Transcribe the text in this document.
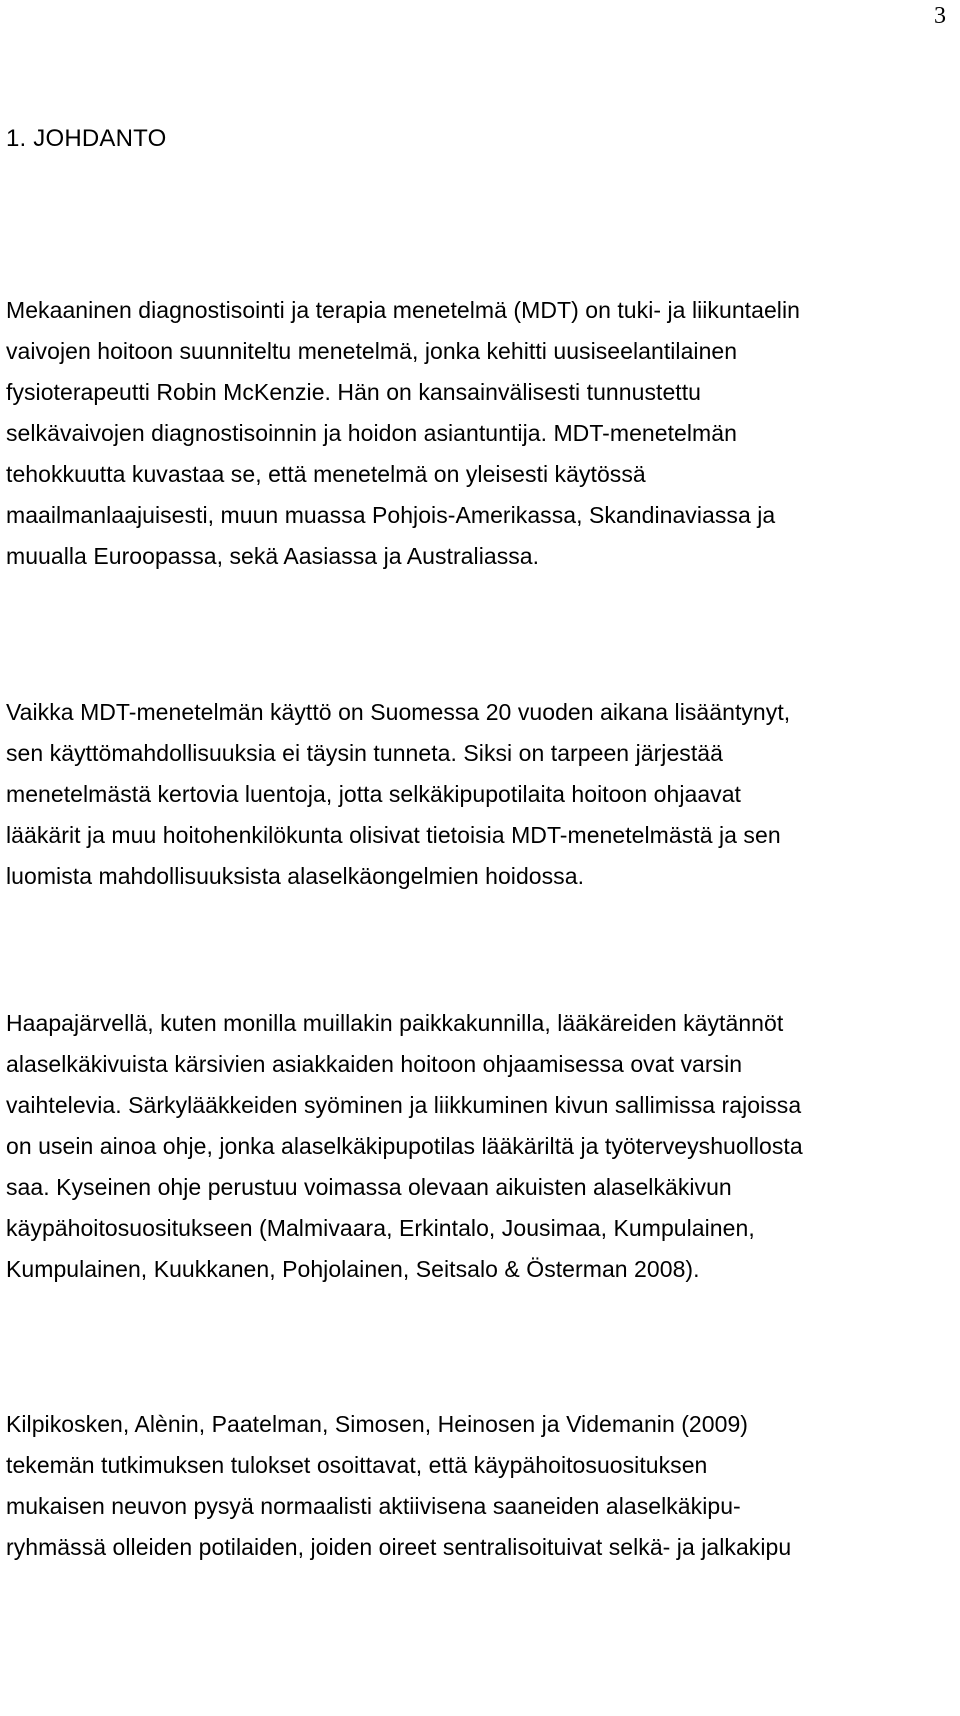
3
1. JOHDANTO
Mekaaninen diagnostisointi ja terapia menetelmä (MDT) on tuki- ja liikuntaelin
vaivojen hoitoon suunniteltu menetelmä, jonka kehitti uusiseelantilainen
fysioterapeutti Robin McKenzie. Hän on kansainvälisesti tunnustettu
selkävaivojen diagnostisoinnin ja hoidon asiantuntija. MDT-menetelmän
tehokkuutta kuvastaa se, että menetelmä on yleisesti käytössä
maailmanlaajuisesti, muun muassa Pohjois-Amerikassa, Skandinaviassa ja
muualla Euroopassa, sekä Aasiassa ja Australiassa.
Vaikka MDT-menetelmän käyttö on Suomessa 20 vuoden aikana lisääntynyt,
sen käyttömahdollisuuksia ei täysin tunneta. Siksi on tarpeen järjestää
menetelmästä kertovia luentoja, jotta selkäkipupotilaita hoitoon ohjaavat
lääkärit ja muu hoitohenkilökunta olisivat tietoisia MDT-menetelmästä ja sen
luomista mahdollisuuksista alaselkäongelmien hoidossa.
Haapajärvellä, kuten monilla muillakin paikkakunnilla, lääkäreiden käytännöt
alaselkäkivuista kärsivien asiakkaiden hoitoon ohjaamisessa ovat varsin
vaihtelevia. Särkylääkkeiden syöminen ja liikkuminen kivun sallimissa rajoissa
on usein ainoa ohje, jonka alaselkäkipupotilas lääkäriltä ja työterveyshuollosta
saa. Kyseinen ohje perustuu voimassa olevaan aikuisten alaselkäkivun
käypähoitosuositukseen (Malmivaara, Erkintalo, Jousimaa, Kumpulainen,
Kumpulainen, Kuukkanen, Pohjolainen, Seitsalo & Österman 2008).
Kilpikosken, Alènin, Paatelman, Simosen, Heinosen ja Videmanin (2009)
tekemän tutkimuksen tulokset osoittavat, että käypähoitosuosituksen
mukaisen neuvon pysyä normaalisti aktiivisena saaneiden alaselkäkipu-
ryhmässä olleiden potilaiden, joiden oireet sentralisoituivat selkä- ja jalkakipu
